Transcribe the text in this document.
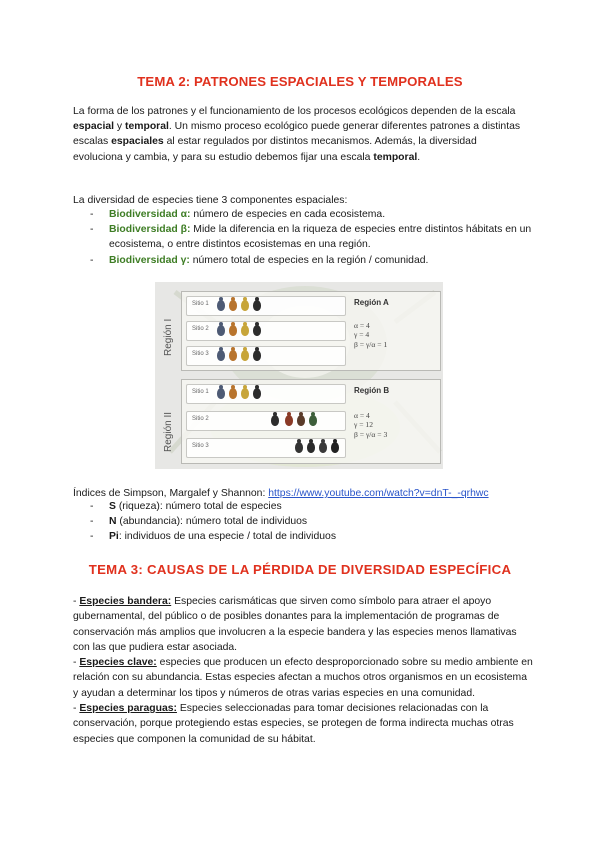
TEMA 2: PATRONES ESPACIALES Y TEMPORALES

La forma de los patrones y el funcionamiento de los procesos ecológicos dependen de la escala espacial y temporal. Un mismo proceso ecológico puede generar diferentes patrones a distintas escalas espaciales al estar regulados por distintos mecanismos. Además, la diversidad evoluciona y cambia, y para su estudio debemos fijar una escala temporal.

La diversidad de especies tiene 3 componentes espaciales:

- Biodiversidad α: número de especies en cada ecosistema.
- Biodiversidad β: Mide la diferencia en la riqueza de especies entre distintos hábitats en un ecosistema, o entre distintos ecosistemas en una región.
- Biodiversidad γ: número total de especies en la región / comunidad.
Región I
Región II
Sitio 1
Sitio 2
Sitio 3
Región A
α = 4
γ = 4
β = γ/α = 1
Sitio 1
Sitio 2
Sitio 3
Región B
α = 4
γ = 12
β = γ/α = 3
Índices de Simpson, Margalef y Shannon: https://www.youtube.com/watch?v=dnT-_-qrhwc
- S (riqueza): número total de especies
- N (abundancia): número total de individuos
- Pi: individuos de una especie / total de individuos
TEMA 3: CAUSAS DE LA PÉRDIDA DE DIVERSIDAD ESPECÍFICA
- Especies bandera: Especies carismáticas que sirven como símbolo para atraer el apoyo gubernamental, del público o de posibles donantes para la implementación de programas de conservación más amplios que involucren a la especie bandera y las especies menos llamativas con las que pudiera estar asociada.
- Especies clave: especies que producen un efecto desproporcionado sobre su medio ambiente en relación con su abundancia. Estas especies afectan a muchos otros organismos en un ecosistema y ayudan a determinar los tipos y números de otras varias especies en una comunidad.
- Especies paraguas: Especies seleccionadas para tomar decisiones relacionadas con la conservación, porque protegiendo estas especies, se protegen de forma indirecta muchas otras especies que componen la comunidad de su hábitat.
